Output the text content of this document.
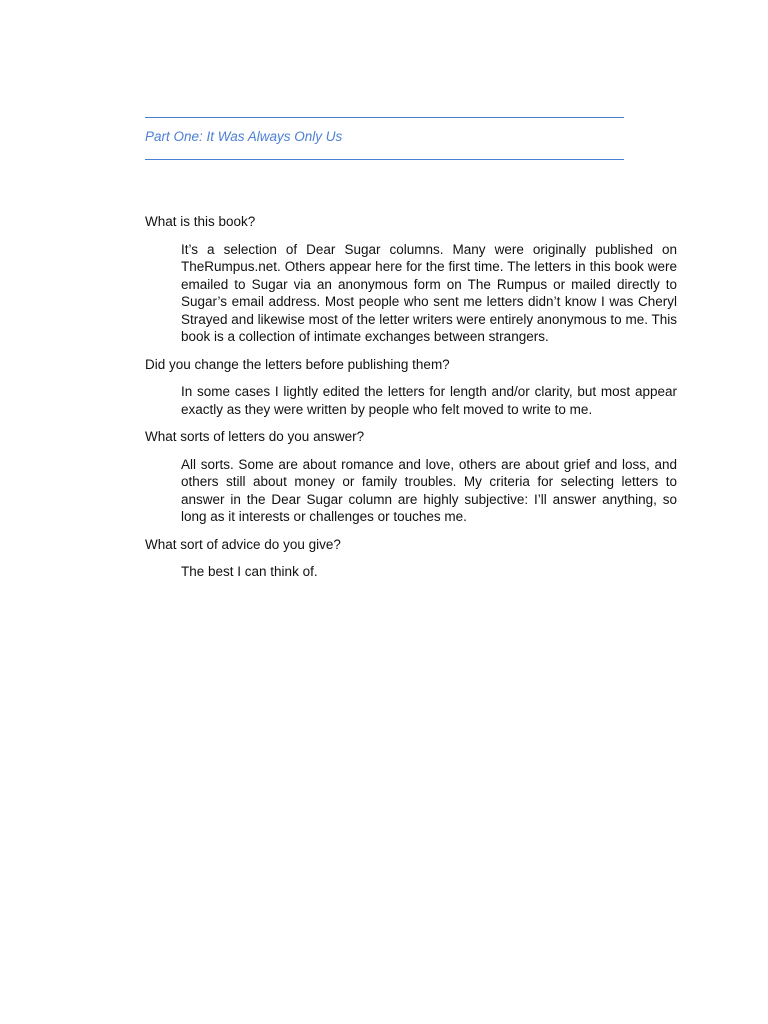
Part One: It Was Always Only Us

What is this book?

It’s a selection of Dear Sugar columns. Many were originally published on TheRumpus.net. Others appear here for the first time. The letters in this book were emailed to Sugar via an anonymous form on The Rumpus or mailed directly to Sugar’s email address. Most people who sent me letters didn’t know I was Cheryl Strayed and likewise most of the letter writers were entirely anonymous to me. This book is a collection of intimate exchanges between strangers.

Did you change the letters before publishing them?

In some cases I lightly edited the letters for length and/or clarity, but most appear exactly as they were written by people who felt moved to write to me.

What sorts of letters do you answer?

All sorts. Some are about romance and love, others are about grief and loss, and others still about money or family troubles. My criteria for selecting letters to answer in the Dear Sugar column are highly subjective: I’ll answer anything, so long as it interests or challenges or touches me.

What sort of advice do you give?

The best I can think of.
